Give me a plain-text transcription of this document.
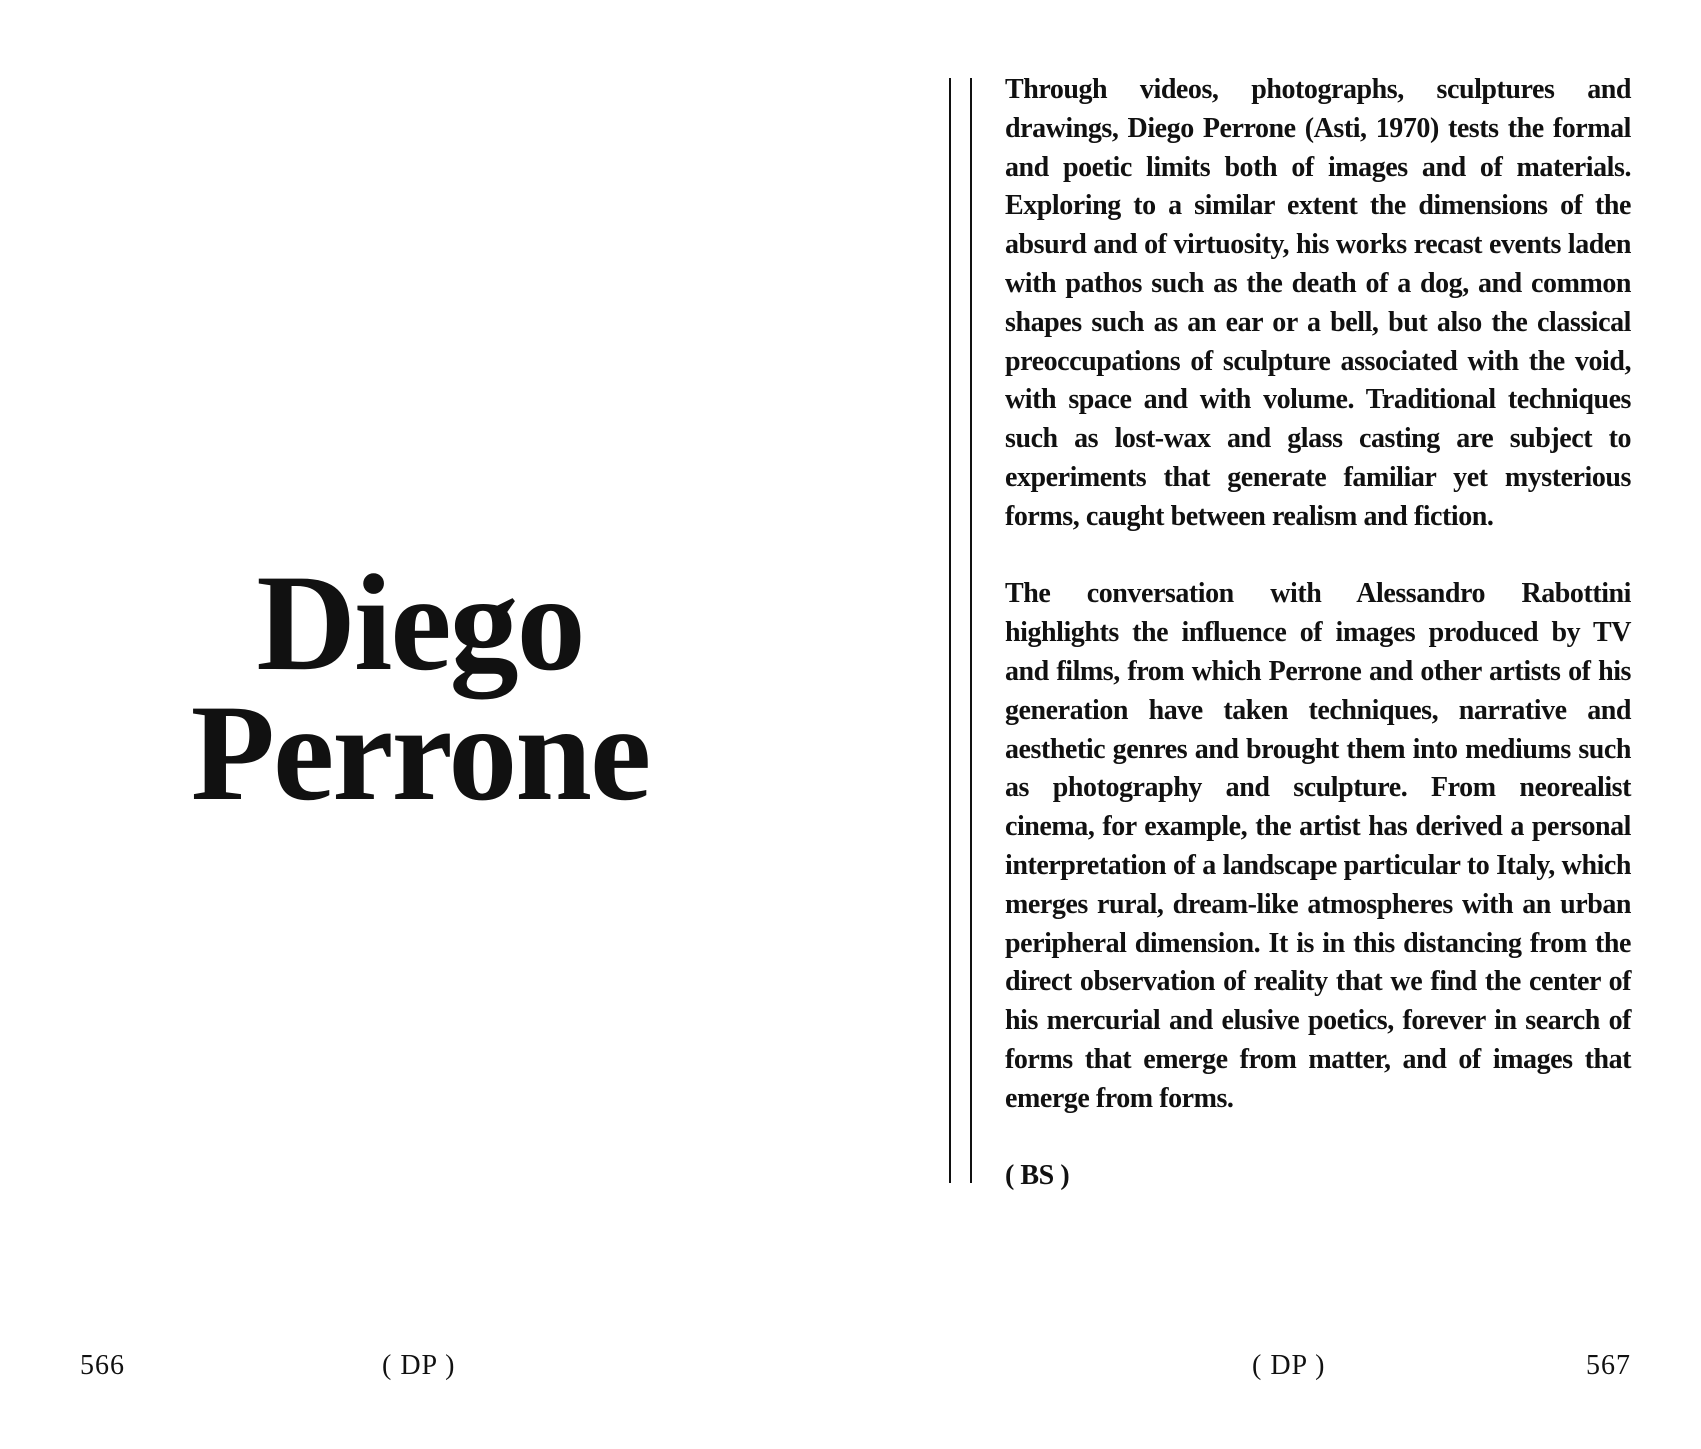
Diego
Perrone

Through videos, photographs, sculptures and drawings, Diego Perrone (Asti, 1970) tests the formal and poetic limits both of images and of materials. Exploring to a similar extent the dimensions of the absurd and of virtuosity, his works recast events laden with pathos such as the death of a dog, and common shapes such as an ear or a bell, but also the classical preoccupations of sculpture associated with the void, with space and with volume. Traditional techniques such as lost-wax and glass casting are subject to experiments that generate familiar yet mysterious forms, caught between realism and fiction.

The conversation with Alessandro Rabottini highlights the influence of images produced by TV and films, from which Perrone and other artists of his generation have taken techniques, narrative and aesthetic genres and brought them into mediums such as photography and sculpture. From neorealist cinema, for example, the artist has derived a personal interpretation of a landscape particular to Italy, which merges rural, dream-like atmospheres with an urban peripheral dimension. It is in this distancing from the direct observation of reality that we find the center of his mercurial and elusive poetics, forever in search of forms that emerge from matter, and of images that emerge from forms.

( BS )

566	( DP )	( DP )	567
